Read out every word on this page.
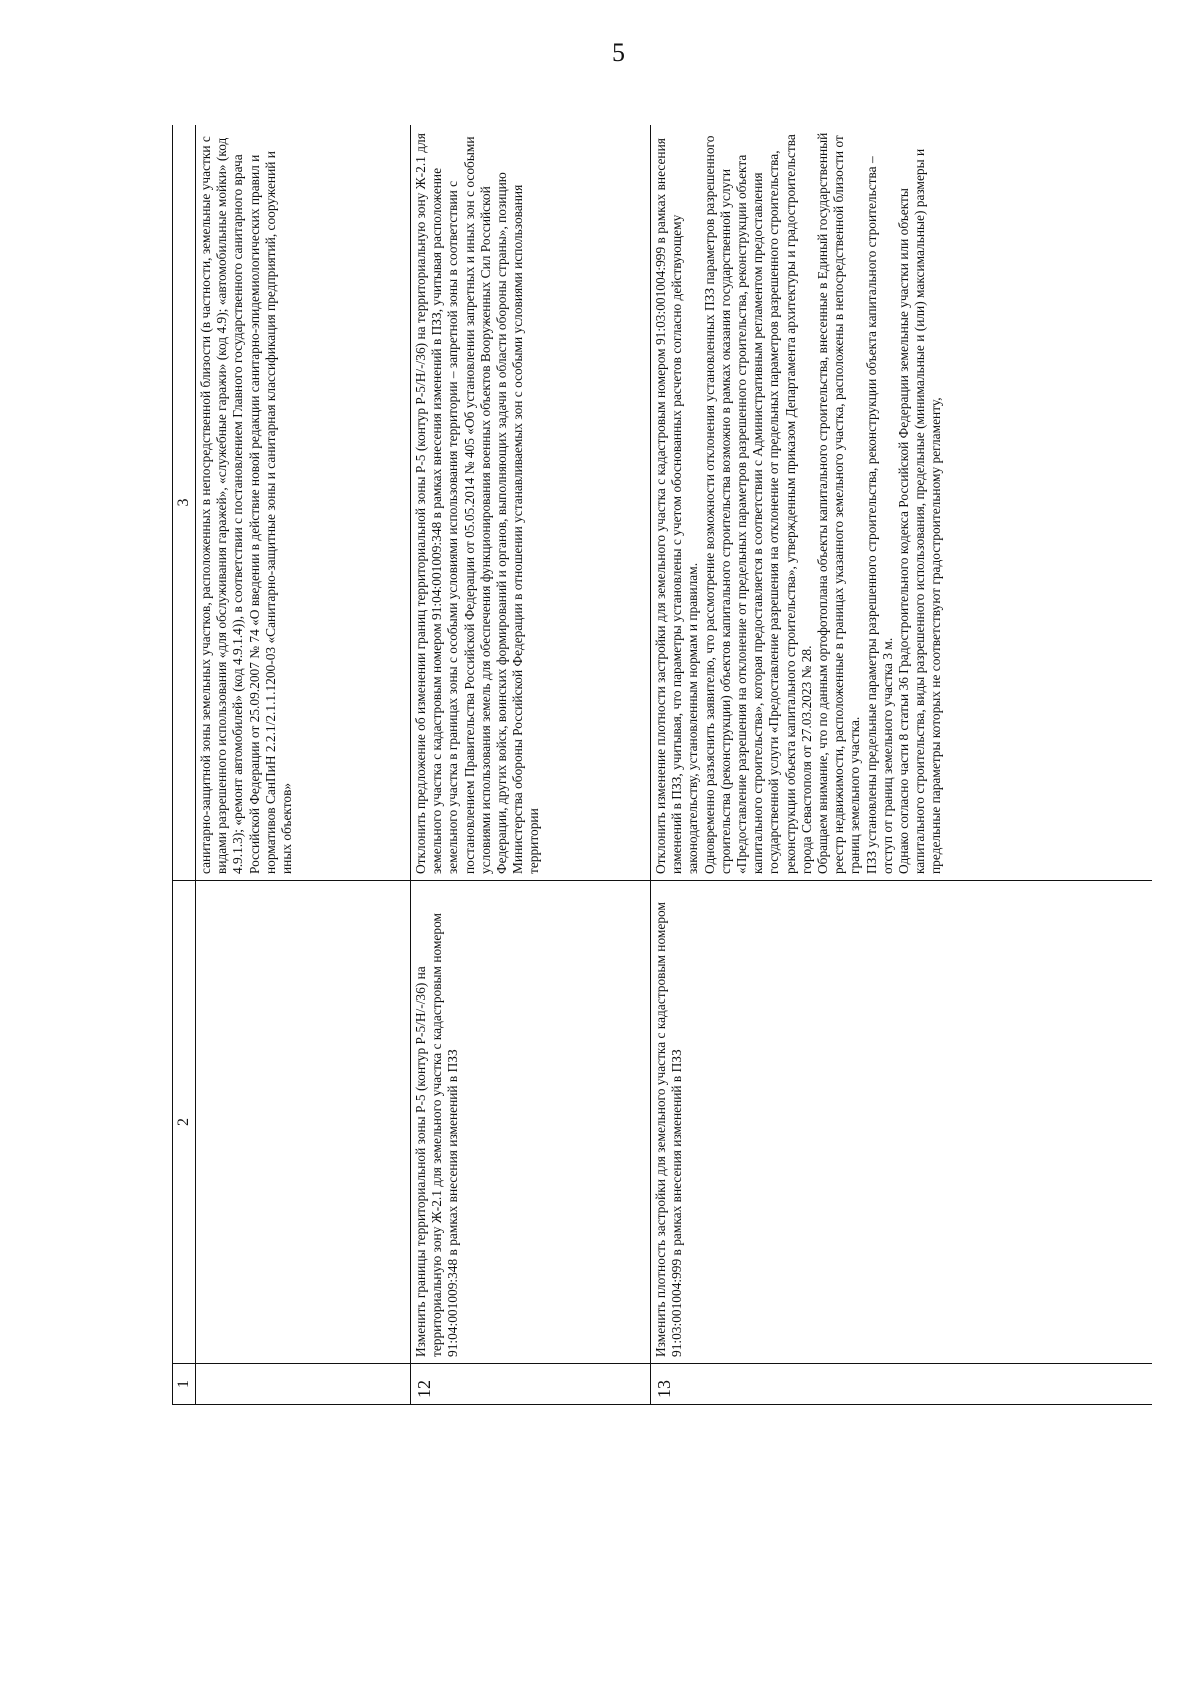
5
1	2	3

		санитарно-защитной зоны земельных участков, расположенных в непосредственной близости (в частности, земельные участки с видами разрешенного использования «для обслуживания гаражей», «служебные гаражи» (код 4.9); «автомобильные мойки» (код 4.9.1.3); «ремонт автомобилей» (код 4.9.1.4)), в соответствии с постановлением Главного государственного санитарного врача Российской Федерации от 25.09.2007 № 74 «О введении в действие новой редакции санитарно-эпидемиологических правил и нормативов СанПиН 2.2.1/2.1.1.1200-03 «Санитарно-защитные зоны и санитарная классификация предприятий, сооружений и иных объектов»

12	Изменить границы территориальной зоны Р-5 (контур Р-5/Н/-/36) на территориальную зону Ж-2.1 для земельного участка с кадастровым номером 91:04:001009:348 в рамках внесения изменений в ПЗЗ	Отклонить предложение об изменении границ территориальной зоны Р-5 (контур Р-5/Н/-/36) на территориальную зону Ж-2.1 для земельного участка с кадастровым номером 91:04:001009:348 в рамках внесения изменений в ПЗЗ, учитывая расположение земельного участка в границах зоны с особыми условиями использования территории – запретной зоны в соответствии с постановлением Правительства Российской Федерации от 05.05.2014 № 405 «Об установлении запретных и иных зон с особыми условиями использования земель для обеспечения функционирования военных объектов Вооруженных Сил Российской Федерации, других войск, воинских формирований и органов, выполняющих задачи в области обороны страны», позицию Министерства обороны Российской Федерации в отношении устанавливаемых зон с особыми условиями использования территории

13	Изменить плотность застройки для земельного участка с кадастровым номером 91:03:001004:999 в рамках внесения изменений в ПЗЗ	Отклонить изменение плотности застройки для земельного участка с кадастровым номером 91:03:001004:999 в рамках внесения изменений в ПЗЗ, учитывая, что параметры установлены с учетом обоснованных расчетов согласно действующему законодательству, установленным нормам и правилам. Одновременно разъяснить заявителю, что рассмотрение возможности отклонения установленных ПЗЗ параметров разрешенного строительства (реконструкции) объектов капитального строительства возможно в рамках оказания государственной услуги «Предоставление разрешения на отклонение от предельных параметров разрешенного строительства, реконструкции объекта капитального строительства», которая предоставляется в соответствии с Административным регламентом предоставления государственной услуги «Предоставление разрешения на отклонение от предельных параметров разрешенного строительства, реконструкции объекта капитального строительства», утвержденным приказом Департамента архитектуры и градостроительства города Севастополя от 27.03.2023 № 28. Обращаем внимание, что по данным ортофотоплана объекты капитального строительства, внесенные в Единый государственный реестр недвижимости, расположенные в границах указанного земельного участка, расположены в непосредственной близости от границ земельного участка. ПЗЗ установлены предельные параметры разрешенного строительства, реконструкции объекта капитального строительства – отступ от границ земельного участка 3 м. Однако согласно части 8 статьи 36 Градостроительного кодекса Российской Федерации земельные участки или объекты капитального строительства, виды разрешенного использования, предельные (минимальные и (или) максимальные) размеры и предельные параметры которых не соответствуют градостроительному регламенту,
